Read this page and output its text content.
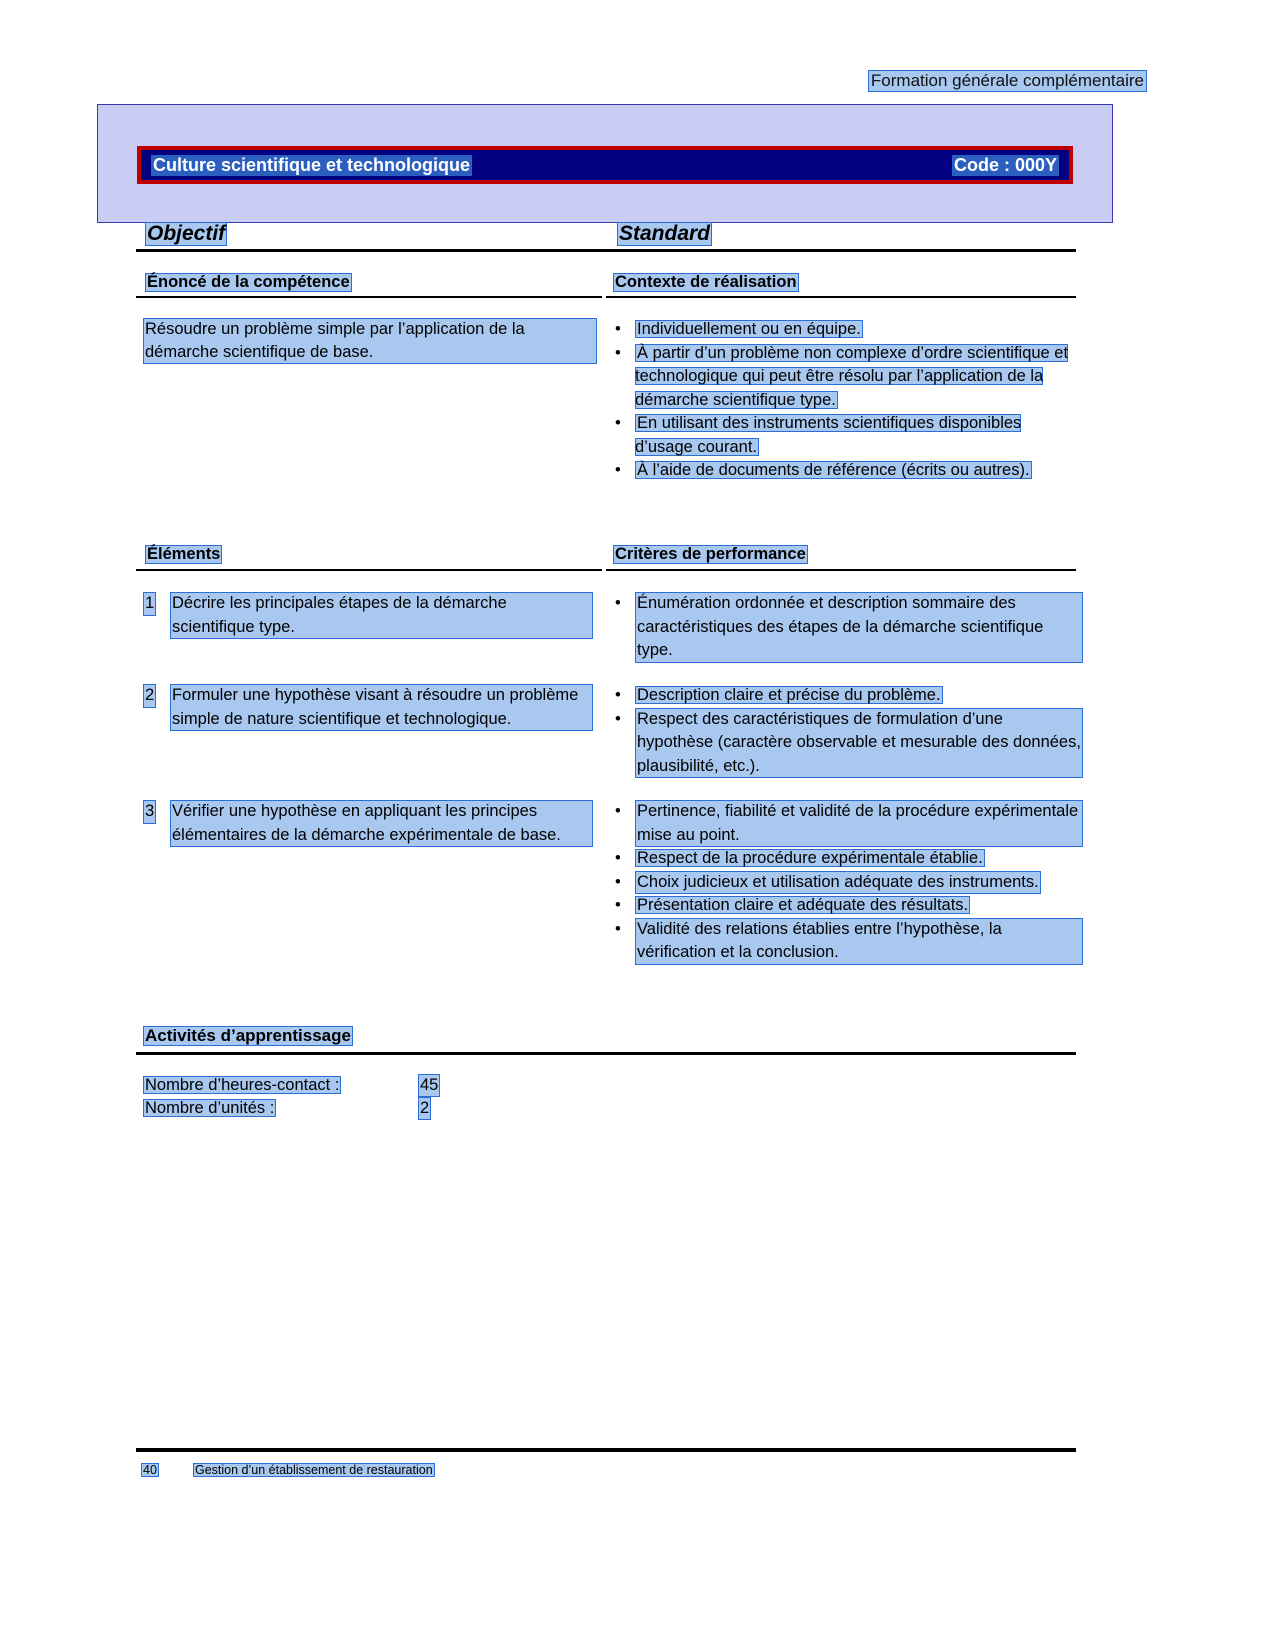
Formation générale complémentaire
Culture scientifique et technologique	Code : 000Y
Objectif	Standard
Énoncé de la compétence	Contexte de réalisation
Résoudre un problème simple par l’application de la démarche scientifique de base.
• Individuellement ou en équipe.
• À partir d’un problème non complexe d’ordre scientifique et technologique qui peut être résolu par l’application de la démarche scientifique type.
• En utilisant des instruments scientifiques disponibles d’usage courant.
• À l’aide de documents de référence (écrits ou autres).
Éléments	Critères de performance
1 Décrire les principales étapes de la démarche scientifique type.
• Énumération ordonnée et description sommaire des caractéristiques des étapes de la démarche scientifique type.
2 Formuler une hypothèse visant à résoudre un problème simple de nature scientifique et technologique.
• Description claire et précise du problème.
• Respect des caractéristiques de formulation d’une hypothèse (caractère observable et mesurable des données, plausibilité, etc.).
3 Vérifier une hypothèse en appliquant les principes élémentaires de la démarche expérimentale de base.
• Pertinence, fiabilité et validité de la procédure expérimentale mise au point.
• Respect de la procédure expérimentale établie.
• Choix judicieux et utilisation adéquate des instruments.
• Présentation claire et adéquate des résultats.
• Validité des relations établies entre l’hypothèse, la vérification et la conclusion.
Activités d’apprentissage
Nombre d’heures-contact :	45
Nombre d’unités :	2
40	Gestion d’un établissement de restauration
